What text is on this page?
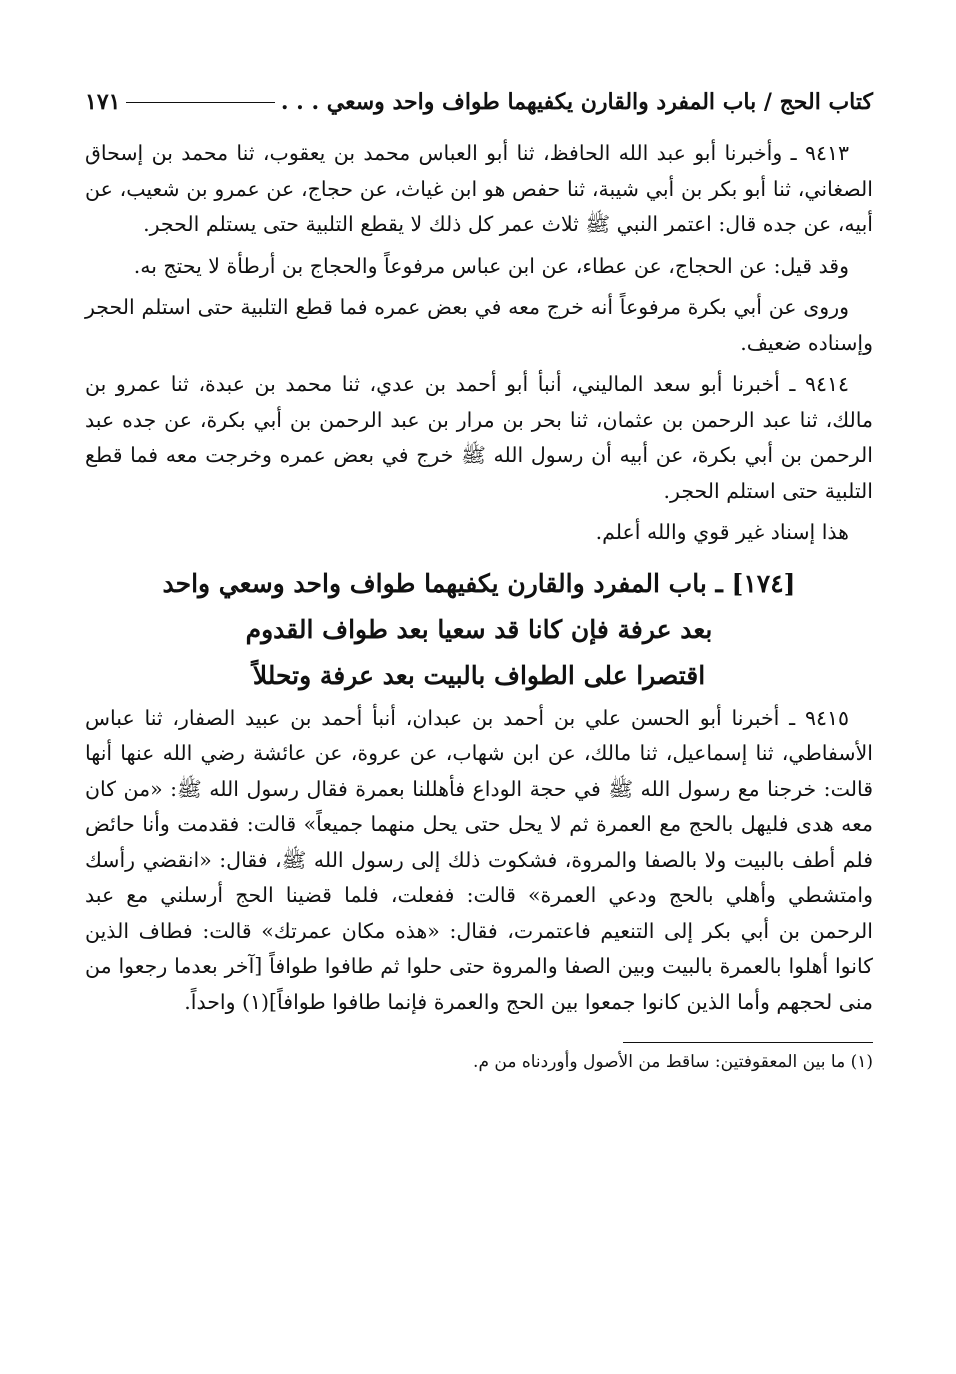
كتاب الحج / باب المفرد والقارن يكفيهما طواف واحد وسعي . . .
١٧١

٩٤١٣ ـ وأخبرنا أبو عبد الله الحافظ، ثنا أبو العباس محمد بن يعقوب، ثنا محمد بن إسحاق الصغاني، ثنا أبو بكر بن أبي شيبة، ثنا حفص هو ابن غياث، عن حجاج، عن عمرو بن شعيب، عن أبيه، عن جده قال: اعتمر النبي ﷺ ثلاث عمر كل ذلك لا يقطع التلبية حتى يستلم الحجر.

وقد قيل: عن الحجاج، عن عطاء، عن ابن عباس مرفوعاً والحجاج بن أرطأة لا يحتج به.

وروى عن أبي بكرة مرفوعاً أنه خرج معه في بعض عمره فما قطع التلبية حتى استلم الحجر وإسناده ضعيف.

٩٤١٤ ـ أخبرنا أبو سعد الماليني، أنبأ أبو أحمد بن عدي، ثنا محمد بن عبدة، ثنا عمرو بن مالك، ثنا عبد الرحمن بن عثمان، ثنا بحر بن مرار بن عبد الرحمن بن أبي بكرة، عن جده عبد الرحمن بن أبي بكرة، عن أبيه أن رسول الله ﷺ خرج في بعض عمره وخرجت معه فما قطع التلبية حتى استلم الحجر.

هذا إسناد غير قوي والله أعلم.

[١٧٤] ـ باب المفرد والقارن يكفيهما طواف واحد وسعي واحد
بعد عرفة فإن كانا قد سعيا بعد طواف القدوم
اقتصرا على الطواف بالبيت بعد عرفة وتحللاً

٩٤١٥ ـ أخبرنا أبو الحسن علي بن أحمد بن عبدان، أنبأ أحمد بن عبيد الصفار، ثنا عباس الأسفاطي، ثنا إسماعيل، ثنا مالك، عن ابن شهاب، عن عروة، عن عائشة رضي الله عنها أنها قالت: خرجنا مع رسول الله ﷺ في حجة الوداع فأهللنا بعمرة فقال رسول الله ﷺ: «من كان معه هدى فليهل بالحج مع العمرة ثم لا يحل حتى يحل منهما جميعاً» قالت: فقدمت وأنا حائض فلم أطف بالبيت ولا بالصفا والمروة، فشكوت ذلك إلى رسول الله ﷺ، فقال: «انقضي رأسك وامتشطي وأهلي بالحج ودعي العمرة» قالت: ففعلت، فلما قضينا الحج أرسلني مع عبد الرحمن بن أبي بكر إلى التنعيم فاعتمرت، فقال: «هذه مكان عمرتك» قالت: فطاف الذين كانوا أهلوا بالعمرة بالبيت وبين الصفا والمروة حتى حلوا ثم طافوا طوافاً [آخر بعدما رجعوا من منى لحجهم وأما الذين كانوا جمعوا بين الحج والعمرة فإنما طافوا طوافاً](١) واحداً.

(١) ما بين المعقوفتين: ساقط من الأصول وأوردناه من م.
